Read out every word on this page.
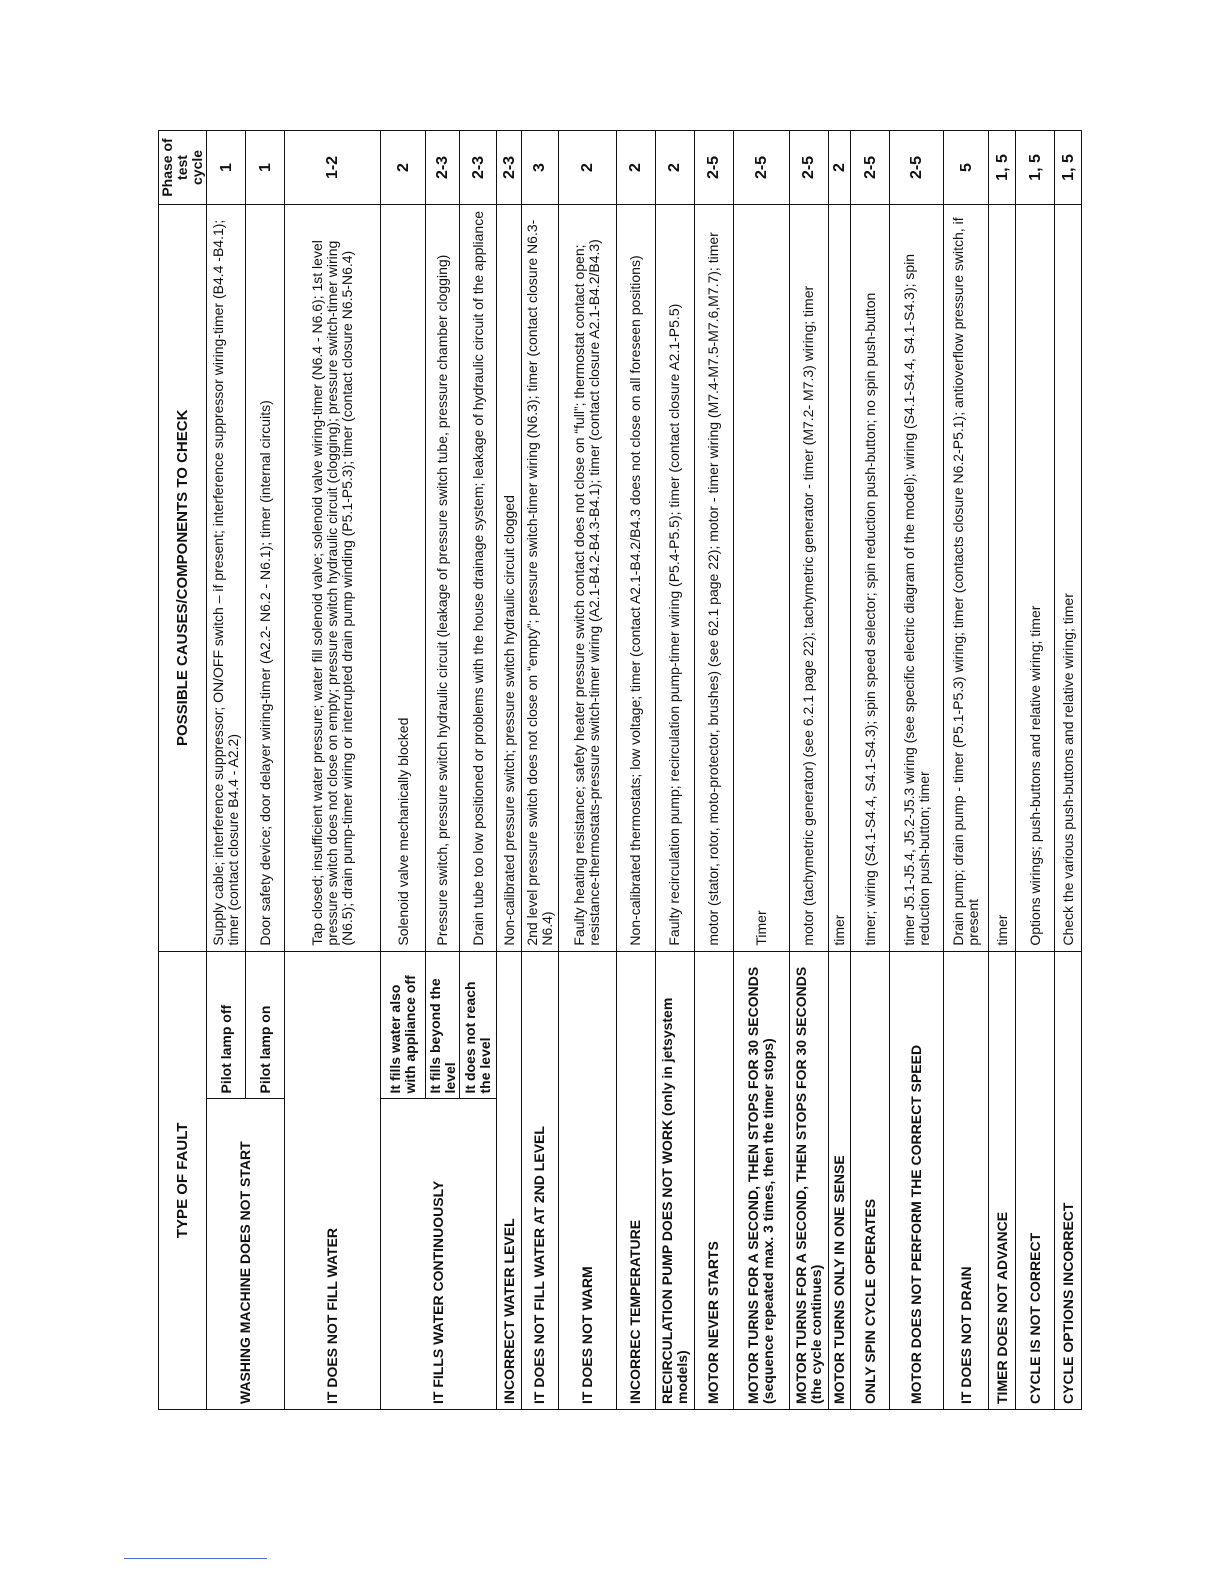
TYPE OF FAULT		POSSIBLE CAUSES/COMPONENTS TO CHECK	Phase of
test cycle
WASHING MACHINE DOES NOT START	Pilot lamp off	Supply cable; interference suppressor; ON/OFF switch – if present; interference suppressor wiring-timer (B4.4 -B4.1); timer (contact closure B4.4 - A2.2)	1
	Pilot lamp on	Door safety device; door delayer wiring-timer (A2.2- N6.2 - N6.1); timer (internal circuits)	1
IT DOES NOT FILL WATER		Tap closed; insufficient water pressure; water fill solenoid valve; solenoid valve wiring-timer (N6.4 - N6.6); 1st level pressure switch does not close on empty; pressure switch hydraulic circuit (clogging); pressure switch-timer wiring (N6.5); drain pump-timer wiring or interrupted drain pump winding (P5.1-P5.3); timer (contact closure N6.5-N6.4)	1-2
IT FILLS WATER CONTINUOUSLY	It fills water also with appliance off	Solenoid valve mechanically blocked	2
	It fills beyond the level	Pressure switch, pressure switch hydraulic circuit (leakage of pressure switch tube, pressure chamber clogging)	2-3
	It does not reach the level	Drain tube too low positioned or problems with the house drainage system; leakage of hydraulic circuit of the appliance	2-3
INCORRECT WATER LEVEL		Non-calibrated pressure switch; pressure switch hydraulic circuit clogged	2-3
IT DOES NOT FILL WATER AT 2ND LEVEL		2nd level pressure switch does not close on “empty”; pressure switch-timer wiring (N6.3); timer (contact closure N6.3-N6.4)	3
IT DOES NOT WARM		Faulty heating resistance; safety heater pressure switch contact does not close on “full”; thermostat contact open; resistance-thermostats-pressure switch-timer wiring (A2.1-B4.2-B4.3-B4.1); timer (contact closure A2.1-B4.2/B4.3)	2
INCORREC TEMPERATURE		Non-calibrated thermostats; low voltage; timer (contact A2.1-B4.2/B4.3 does not close on all foreseen positions)	2
RECIRCULATION PUMP DOES NOT WORK (only in jetsystem models)		Faulty recirculation pump; recirculation pump-timer wiring (P5.4-P5.5); timer (contact closure A2.1-P5.5)	2
MOTOR NEVER STARTS		motor (stator, rotor, moto-protector, brushes) (see 62.1 page 22); motor - timer wiring (M7.4-M7.5-M7.6,M7.7); timer	2-5
MOTOR TURNS FOR A SECOND, THEN STOPS FOR 30 SECONDS (sequence repeated max. 3 times, then the timer stops)		Timer	2-5
MOTOR TURNS FOR A SECOND, THEN STOPS FOR 30 SECONDS (the cycle continues)		motor (tachymetric generator) (see 6.2.1 page 22); tachymetric generator - timer (M7.2- M7.3) wiring; timer	2-5
MOTOR TURNS ONLY IN ONE SENSE		timer	2
ONLY SPIN CYCLE OPERATES		timer; wiring (S4.1-S4.4, S4.1-S4.3); spin speed selector; spin reduction push-button; no spin push-button	2-5
MOTOR DOES NOT PERFORM THE CORRECT SPEED		timer J5.1-J5.4, J5.2-J5.3 wiring (see specific electric diagram of the model); wiring (S4.1-S4.4, S4.1-S4.3); spin reduction push-button; timer	2-5
IT DOES NOT DRAIN		Drain pump; drain pump - timer (P5.1-P5.3) wiring; timer (contacts closure N6.2-P5.1); antioverflow pressure switch, if present	5
TIMER DOES NOT ADVANCE		timer	1, 5
CYCLE IS NOT CORRECT		Options wirings; push-buttons and relative wiring; timer	1, 5
CYCLE OPTIONS INCORRECT		Check the various push-buttons and relative wiring; timer	1, 5
